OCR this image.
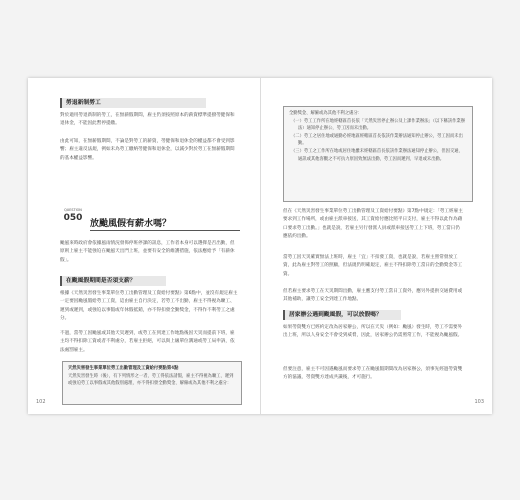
勞退新制勞工

對於適用勞退新制的勞工，在無薪假期間，雇主仍須按照原本的薪資標準提撥勞健保和退休金，不能因此暫停提繳。

由此可知，在無薪假期間，不論是對勞工的薪資，勞健保和退休金的權益都不會受到影響；雇主違反法規，例如未為勞工繳納勞健保和退休金，以減少對於勞工在無薪假期間的基本權益影響。

QUESTION
050
放颱風假有薪水嗎？

颱風來時政府會依據風雨情況發佈停班停課的訊息，工作者本身可以選擇是否出勤，但原則上雇主不能強迫在颱風天出門上班，並要有安全的維護措施，依法應給予「有薪休假」。

在颱風假期間是否須支薪？

根據《天然災害發生事業單位勞工出勤管理及工資給付要點》第6點中，並沒有規定雇主一定要因颱風假給勞工工資，這由雇主自行決定，若勞工不出勤，雇主不得視為曠工、遲到或遲到，或強迫以事假或年休假抵銷，亦不得扣發全勤獎金，不得作不利勞工之處分。

不過，當勞工因颱風或其他天災遲到，或勞工在到達工作地點後因天災而提前下班，雇主均不得扣除工資或者不利處分，若雇主拒絕，可以與上級單位溝通或勞工局申訴，依法處罰雇主。

天然災害發生事業單位勞工出勤管理及工資給付要點第4點

天然災害發生時（後），有下列情形之一者，勞工得依法請假，雇主不得視為曠工、遲到或強迫勞工以事假或其他假別處理，亦不得扣發全勤獎金、解僱或為其他不利之處分：

102

全勤獎金、解僱或為其他不利之處分：

（一）勞工工作所在地經轄區首長依「天然災害停止辦公及上課作業辦法」（以下稱該作業辦法）通知停止辦公，勞工因而未出勤。

（二）勞工之居住地或通勤必經地區經轄區首長依該作業辦法通知停止辦公，勞工因而未出勤。

（三）勞工之工作所在地或居住地雖未經轄區首長依該作業辦法通知停止辦公，但因交通、通訊或其他客觀之不可抗力原因致無法出勤，勞工因而遲到、早退或未出勤。

但在《天然災害發生事業單位勞工出勤管理及工資給付要點》第7點中規定：「勞工經雇主要求到工作場所，或由雇主派車接送，其工資給付應比照平日支付，雇主不得以此作為藉口要求勞工出勤。」也就是說，若雇主另行發派人員或派車接送勞工上下班，勞工當日仍應依約出勤。

當勞工因天災確實無法上班時，雇主「宜」不扣發工資，也就是說，若雇主照常發放工資，此為雇主對勞工的照顧，但法規仍明確規定，雇主不得扣除勞工當日的全勤獎金等工資。

但若雇主要求勞工在天災期間出勤，雇主應支付勞工當日工資外，應另外提供交通費用或其他補助，讓勞工安全到達工作地點。

居家辦公遇到颱風假，可以放假嗎？

如果勞資雙方已經約定改為居家辦公，所以在天災（例如：颱風）發生時，勞工不需要外出上班，所以人身安全不會受到威脅，因此，居家辦公仍需照常工作，不能視為颱風假。

但要注意，雇主不可因遇颱風而要求勞工在颱風假期間改為居家辦公，須事先經過勞資雙方的協議，勞資雙方達成共識後，才可施行。

103
